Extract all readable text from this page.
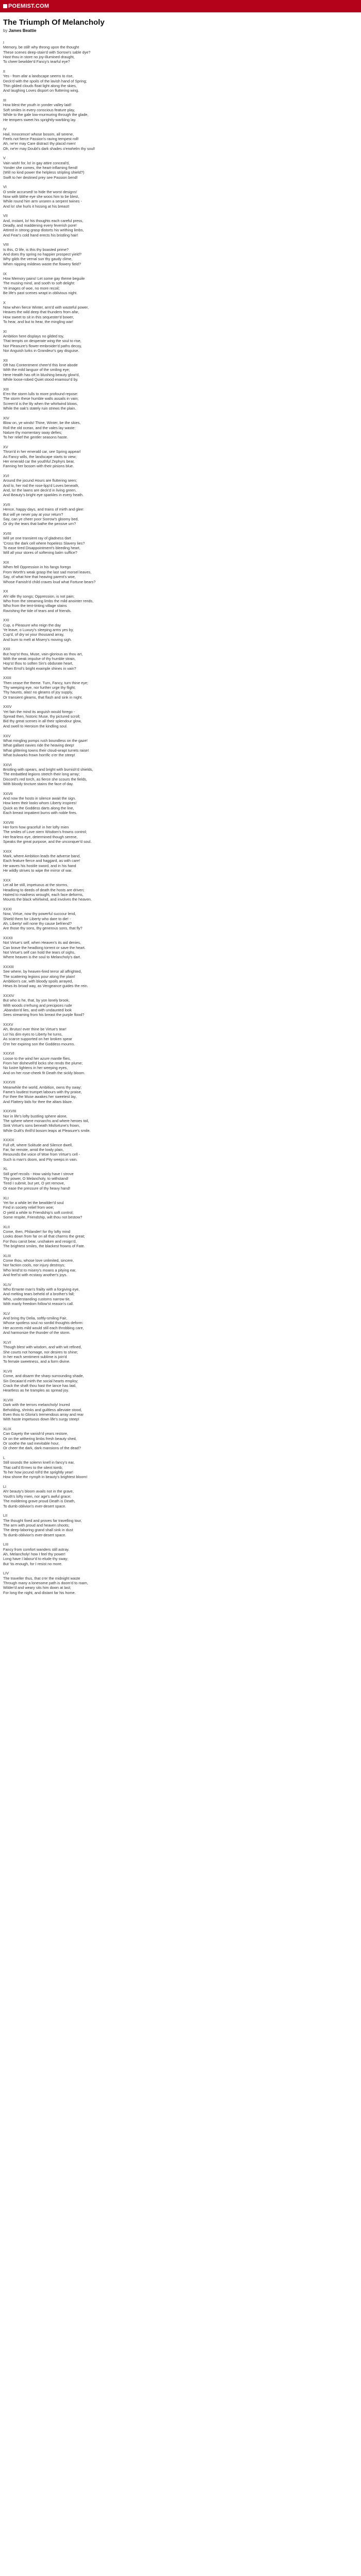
POEMIST.COM
The Triumph Of Melancholy
by James Beattie
I
Memory, be still! why throng upon the thought
These scenes deep-stain'd with Sorrow's sable dye?
Hast thou in store no joy-illumined draught,
To cheer bewilder'd Fancy's tearful eye?
II
Yes - from afar a landscape seems to rise,
Deck'd with the spoils of the lavish hand of Spring;
Thin gilded clouds float light along the skies,
And laughing Loves disport on fluttering wing.
III
How blest the youth in yonder valley laid!
Soft smiles in every conscious feature play,
While to the gale low-murmuring through the glade,
He tempers sweet his sprightly-warbling lay.
IV
Hail, Innocence! whose bosom, all serene,
Feels not fierce Passion's raving tempest roll!
Ah, ne'er may Care distract thy placid mien!
Oh, ne'er may Doubt's dark shades o'erwhelm thy soul!
V
Vain wish! for, lo! in gay attire conceal'd,
Yonder she comes, the heart-inflaming fiend!
(Will no kind power the helpless stripling shield?)
Swift to her destined prey see Passion bend!
VI
O smile accursed! to hide the worst designs!
Now with blithe eye she woos him to be blest,
While round him arm unseen a serpent twines -
And lo! she hurls it hissing at his breast!
VII
And, instant, lo! his thoughts each careful press,
Deadly, and maddening every feverish pore!
Attired in strong grasp distorts his writhing limbs,
And Fear's cold hand erects his bristling hair!
VIII
Is this, O life, is this thy boasted prime?
And does thy spring no happier prospect yield?
Why gilds the vernal sun thy gaudy clime,
When nipping mildews waste the flowery field?
IX
How Memory pains! Let some gay theme beguile
The musing mind, and sooth to soft delight:
Ye images of woe, no more recoil;
Be life's past scenes wrapt in oblivious night.
X
Now when fierce Winter, arm'd with wasteful power,
Heaves the wild deep that thunders from afar,
How sweet to sit in this sequester'd bower,
To hear, and but to hear, the mingling war!
XI
Ambition here displays no gilded toy,
That tempts on desperate wing the soul to rise,
Nor Pleasure's flower-embroider'd paths decoy,
Nor Anguish lurks in Grandeur's gay disguise.
XII
Oft has Contentment cheer'd this lone abode
With the mild languor of the smiling eye;
Here Health has oft in blushing beauty glow'd,
While loose-robed Quiet stood enamour'd by.
XIII
E'en the storm lulls to more profound repose:
The storm these humble walls assails in vain;
Screen'd is the lily when the whirlwind blows,
While the oak's stately ruin strews the plain.
XIV
Blow on, ye winds! Thine, Winter, be the skies,
Roll the old ocean, and the vales lay waste:
Nature thy momentary sway defies;
To her relief the gentler seasons haste.
XV
Thron'd in her emerald car, see Spring appear!
As Fancy wills, the landscape starts to view;
Her emerald car the youthful Zephyrs bear,
Fanning her bosom with their pinions blue.
XVI
Around the jocund Hours are fluttering seen;
And lo, her rod the rose-lipp'd Loves beneath,
And, lo! the lawns are deck'd in living green,
And Beauty's bright eye sparkles in every heath.
XVII
Hence, happy days, and trains of mirth and glee:
But will ye never pay at your return?
Say, can ye cheer poor Sorrow's gloomy bed,
Or dry the tears that bathe the pensive urn?
XVIII
Will ye one transient ray of gladness dart
'Cross the dark cell where hopeless Slavery lies?
To ease tired Disappointment's bleeding heart,
Will all your stores of softening balm suffice?
XIX
When fell Oppression in his fangs forego
From Worth's weak grasp the last sad morsel leaves,
Say, of what hire that heaving parent's woe,
Whose Famish'd child craves loud what Fortune bears?
XX
Ah! idle thy songs; Oppression, is not pain;
Who from the streaming limbs the mild anointer rends,
Who from the tent-tinting village stains
Ravishing the tide of tears and of friends.
XXI
Cup, o Pleasure who reign the day
Ye leave, o Luxury's sleeping arms yes by,
Cup'd, of dry wi your thousand array,
And burn to melt at Misery's moving sigh.
XXII
But hop'st thou, Muse, vain-glorious as thou art,
With the weak impulse of thy humble strain,
Hop'st thou to soften Sin's obdurate heart,
When Errol's bright example shines in vain?
XXIII
Then cease the theme. Turn, Fancy, turn thine eye;
Thy weeping eye, nor further urge thy flight;
Thy haunts, alas! no gleams of joy supply,
Or transient gleams, that flash and sink in night.
XXIV
Yet fain the mind its anguish would forego -
Spread then, historic Muse, thy pictured scroll;
Bid thy great scenes in all their splendour glow,
And swell to Heroism the kindling soul.
XXV
What mingling pomps rush boundless on the gaze!
What gallant navies ride the heaving deep!
What glittering towns their cloud-wrapt turrets raise!
What bulwarks frown horrific o'er the steep!
XXVI
Bristling with spears, and bright with burnish'd shields,
The embattled legions stretch their long array;
Discord's red torch, as fierce she scours the fields,
With bloody tincture stains the face of day.
XXVII
And now the hosts in silence await the sign.
How keen their looks whom Liberty inspires!
Quick as the Goddess darts along the line,
Each breast impatient burns with noble fires.
XXVIII
Her form how graceful! in her lofty mien
The smiles of Love stern Wisdom's frowns control;
Her fearless eye, determined though serene,
Speaks the great purpose, and the unconquer'd soul.
XXIX
Mark, where Ambition leads the adverse band,
Each feature fierce and haggard, as with care!
He waves his hostile sword, and in his hand
He wildly strives to wipe the mirror of war.
XXX
Let all be still, impetuous at the storms,
Headlong to deeds of death the hosts are driven;
Hatred to madness wrought, each face deforms,
Mounts the black whirlwind, and involves the heaven.
XXXI
Now, Virtue, now thy powerful succour lend,
Shield them for Liberty who dare to die! -
Ah, Liberty! will none thy cause befriend?
Are those thy sons, thy generous sons, that fly?
XXXII
Not Virtue's self, when Heaven's its aid denies,
Can brave the headlong torrent or save the heart.
Not Virtue's self can hold the tears of sighs,
Where heaven is the soul to Melancholy's dart.
XXXIII
See where, by heaven-fired terror all affrighted,
The scattering legions pour along the plain!
Ambition's car, with bloody spoils arrayed,
Hews its broad way, as Vengeance guides the rein.
XXXIV
But who is he, that, by yon lonely brook,
With woods o'erhung and precipices rude
,Abandon'd lies, and with undaunted look
Sees streaming from his breast the purple flood?
XXXV
Ah, Brutus! ever thine be Virtue's tear!
Lo! his dim eyes to Liberty he turns,
As scarce supported on her broken spear
O'er her expiring son the Goddess mourns.
XXXVI
Loose to the wind her azure mantle flies,
From her dishevell'd locks she rends the plume;
No lustre lightens in her weeping eyes,
And on her rose-cheek fit Death the sickly bloom.
XXXVII
Meanwhile the world, Ambition, owns thy sway;
Fame's loudest trumpet labours with thy praise,
For thee the Muse awakes her sweetest lay,
And Flattery bids for thee the altars blaze.
XXXVIII
Nor in life's lofty bustling sphere alone,
The sphere where monarchs and where heroes toil,
Sink Virtue's sons beneath Misfortune's frown,
While Guilt's thrill'd bosom leaps at Pleasure's smile.
XXXIX
Full oft, where Solitude and Silence dwell,
Far, far remote, amid the lowly plain,
Resounds the voice of Woe from Virtue's cell -
Such is man's doom, and Pity weeps in vain.
XL
Still grief recoils - How vainly have I strove
Thy power, O Melancholy, to withstand!
Tired I submit, but yet, O yet remove,
Or ease the pressure of thy heavy hand!
XLI
Yet for a while let the bewilder'd soul
Find in society relief from woe;
O yield a while to Friendship's soft control;
Some respite, Friendship, wilt thou not bestow?
XLII
Come, then, Philander! for thy lofty mind
Looks down from far on all that charms the great;
For thou canst bear, unshaken and resign'd,
The brightest smiles, the blackest frowns of Fate.
XLIII
Come thou, whose love unlimited, sincere,
Nor faction cools, nor injury destroys;
Who lend'st to misery's moans a pitying ear,
And feel'st with ecstasy another's joys.
XLIV
Who Errante man's frailty with a forgiving eye,
And melting tears beheld of a brother's fall;
Who, understanding customs narrow tie,
With manly freedom follow'st reason's call.
XLV
And bring thy Delia, softly-smiling Fair,
Whose spotless soul no sordid thoughts deform:
Her accents mild would still each throbbing care,
And harmonize the thunder of the storm.
XLVI
Though blest with wisdom, and with wit refined,
She courts not homage, nor desires to shine;
In her each sentiment sublime is join'd
To female sweetness, and a form divine.
XLVII
Come, and disarm the sharp surrounding shade,
Sin Decaian'd mirth the social hearts employ;
Crack the shaft thou hast the lance has laid,
Heartless as he tramples as spread joy.
XLVIII
Dark with the terrors melancholy! Inured
Beholding, shrinks and guiltless alleviate stood,
Even thou to Gloria's tremendous array and rear
With haste impetuous down life's surgy steep!
XLIX
Can Gayety the vanish'd years restore,
Or on the withering limbs fresh beauty shed,
Or soothe the sad inevitable hour,
Or cheer the dark, dark mansions of the dead?
L
Still sounds the solemn knell in fancy's ear,
That call'd Ermes to the silent tomb;
To her how jocund roll'd the sprightly year!
How shone the nymph in beauty's brightest bloom!
LI
Ah! beauty's bloom avails not in the grave,
Youth's lofty mien, nor age's awful grace;
The moldering grave proud Death is Death,
To dumb oblivion's ever-desert space.
LII
The thought fixed and proves far travelling tour,
The arm with proud and heaven shoots;
The deep-laboring grand shall sink in dust
To dumb oblivion's ever-desert space.
LIII
Fancy from comfort wanders still astray.
Ah, Melancholy! how I feel thy power!
Long have I labour'd to elude thy sway;
But 'tis enough, for I resist no more.
LIV
The traveller thus, that o'er the midnight waste
Through many a lonesome path is doom'd to roam,
Wilder'd and weary sits him down at last;
For long the night, and distant far his home.
